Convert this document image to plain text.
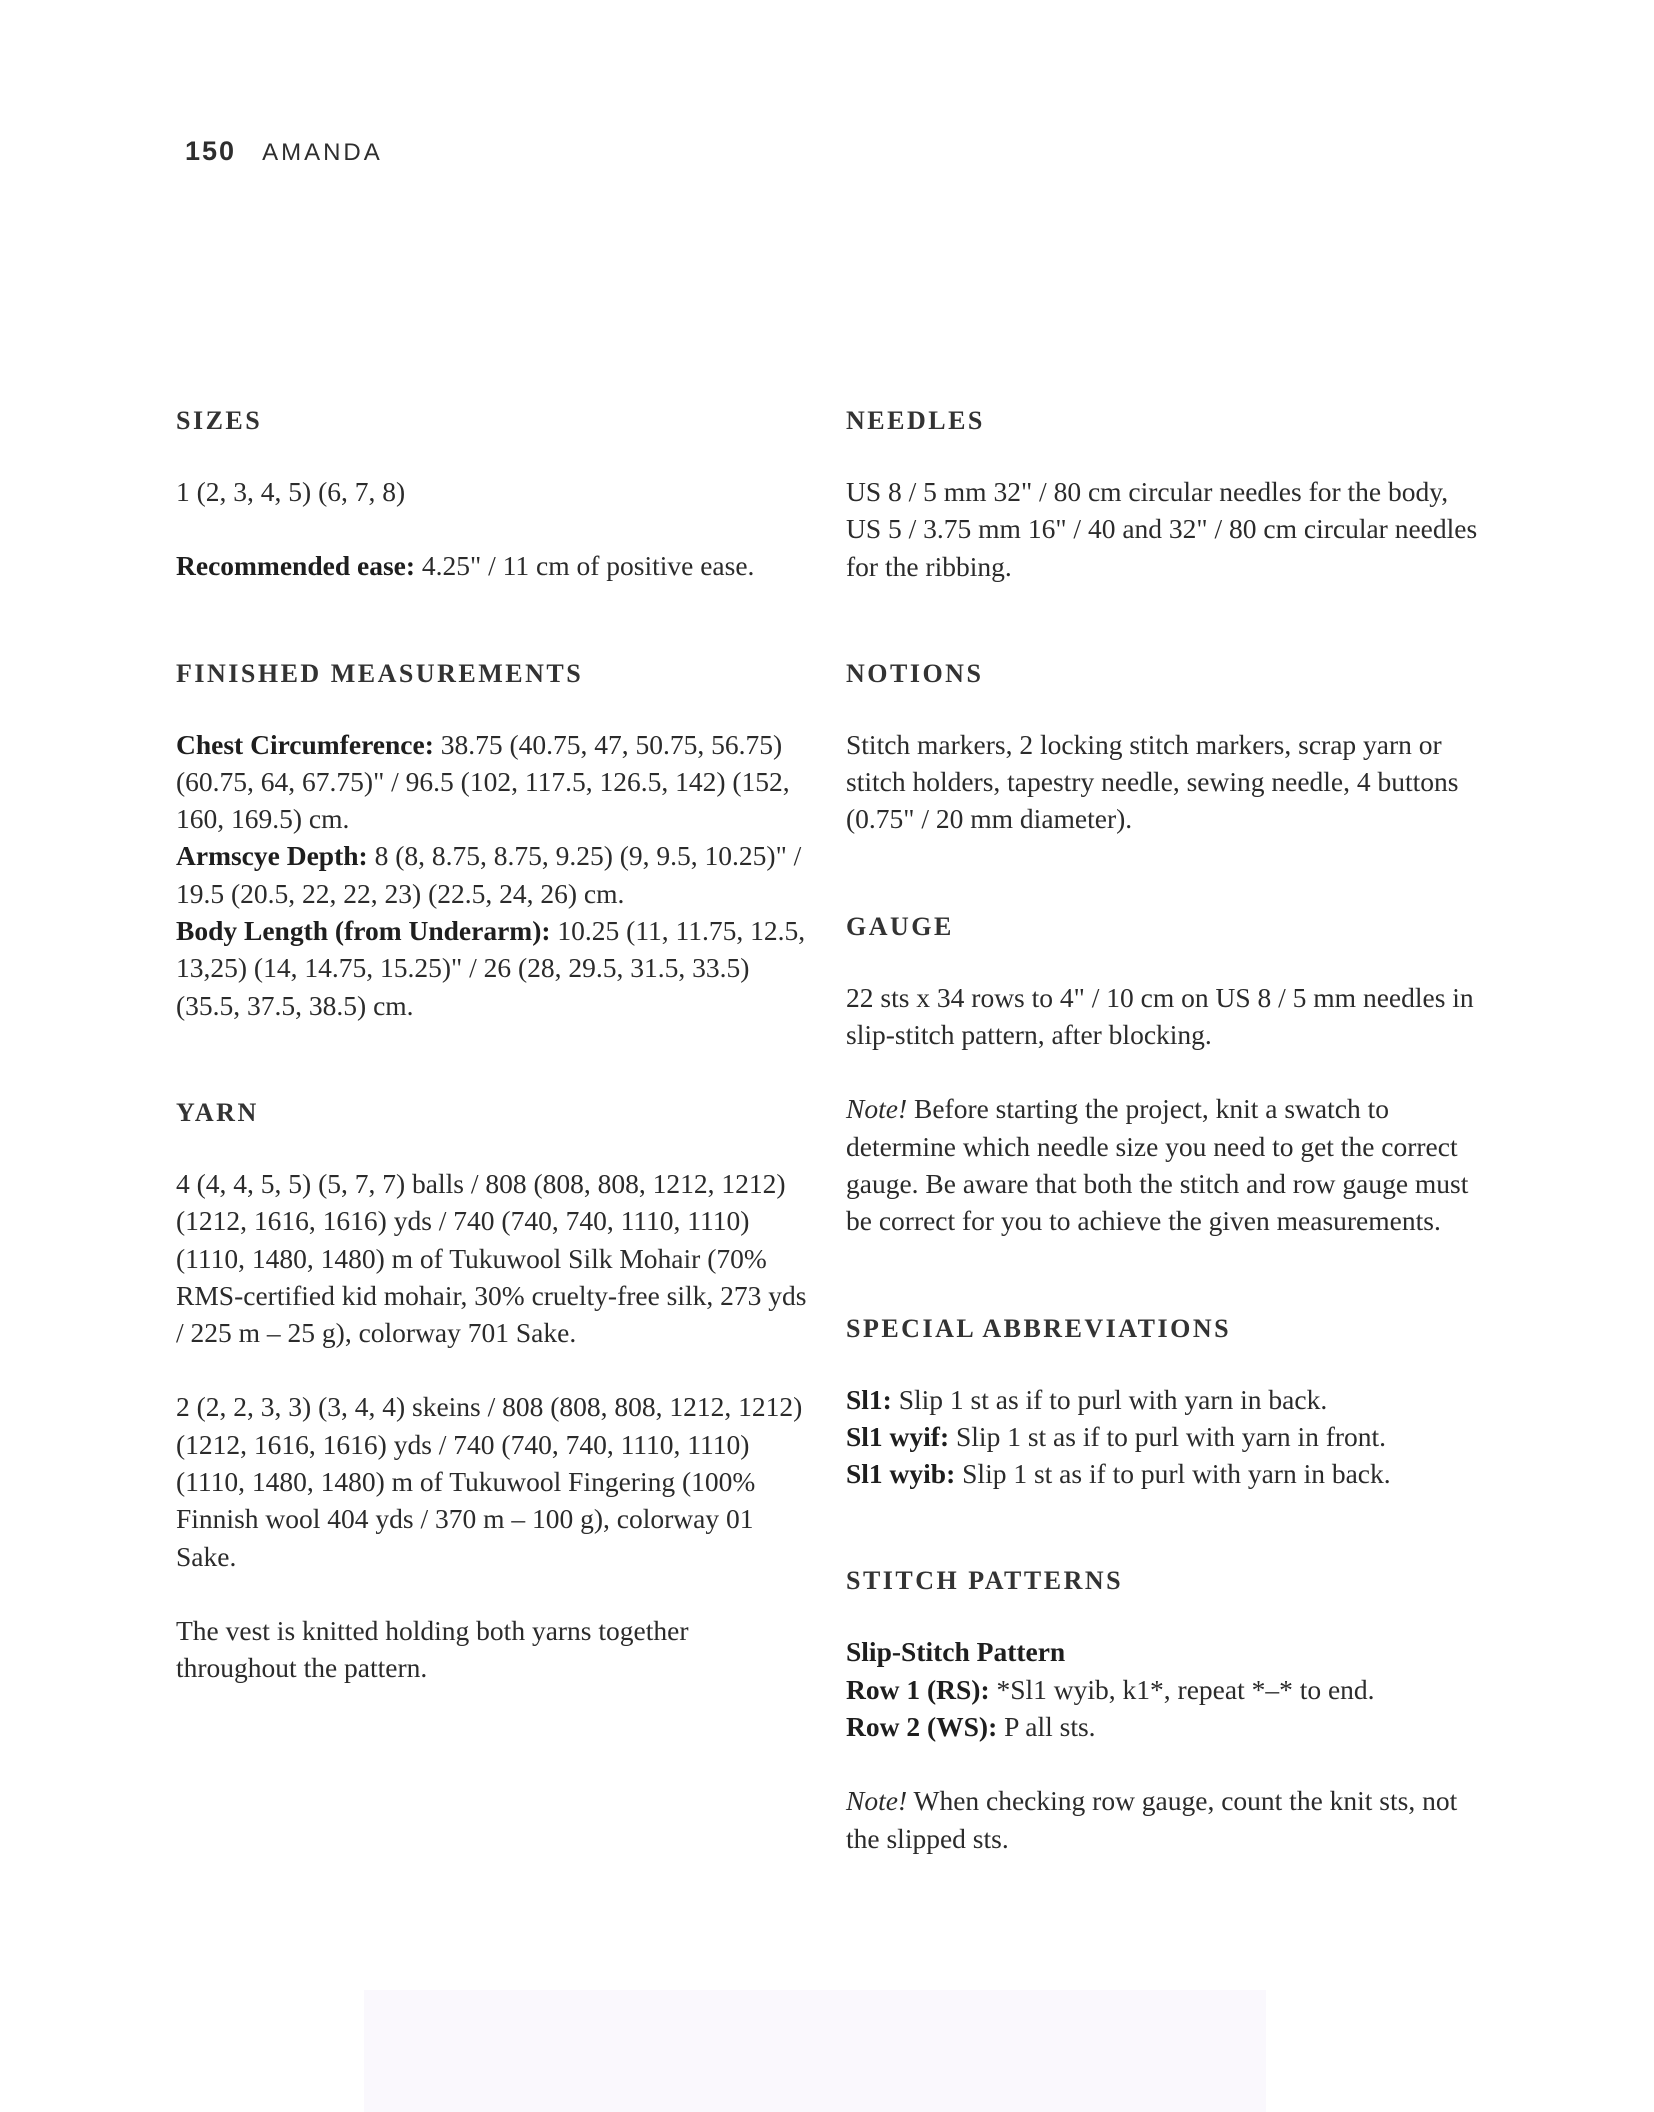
150 AMANDA
SIZES

1 (2, 3, 4, 5) (6, 7, 8)

Recommended ease: 4.25" / 11 cm of positive ease.

FINISHED MEASUREMENTS

Chest Circumference: 38.75 (40.75, 47, 50.75, 56.75) (60.75, 64, 67.75)" / 96.5 (102, 117.5, 126.5, 142) (152, 160, 169.5) cm.

Armscye Depth: 8 (8, 8.75, 8.75, 9.25) (9, 9.5, 10.25)" / 19.5 (20.5, 22, 22, 23) (22.5, 24, 26) cm.

Body Length (from Underarm): 10.25 (11, 11.75, 12.5, 13,25) (14, 14.75, 15.25)" / 26 (28, 29.5, 31.5, 33.5) (35.5, 37.5, 38.5) cm.

YARN

4 (4, 4, 5, 5) (5, 7, 7) balls / 808 (808, 808, 1212, 1212) (1212, 1616, 1616) yds / 740 (740, 740, 1110, 1110) (1110, 1480, 1480) m of Tukuwool Silk Mohair (70% RMS-certified kid mohair, 30% cruelty-free silk, 273 yds / 225 m – 25 g), colorway 701 Sake.

2 (2, 2, 3, 3) (3, 4, 4) skeins / 808 (808, 808, 1212, 1212) (1212, 1616, 1616) yds / 740 (740, 740, 1110, 1110) (1110, 1480, 1480) m of Tukuwool Fingering (100% Finnish wool 404 yds / 370 m – 100 g), colorway 01 Sake.

The vest is knitted holding both yarns together throughout the pattern.

NEEDLES

US 8 / 5 mm 32" / 80 cm circular needles for the body, US 5 / 3.75 mm 16" / 40 and 32" / 80 cm circular needles for the ribbing.

NOTIONS

Stitch markers, 2 locking stitch markers, scrap yarn or stitch holders, tapestry needle, sewing needle, 4 buttons (0.75" / 20 mm diameter).

GAUGE

22 sts x 34 rows to 4" / 10 cm on US 8 / 5 mm needles in slip-stitch pattern, after blocking.

Note! Before starting the project, knit a swatch to determine which needle size you need to get the correct gauge. Be aware that both the stitch and row gauge must be correct for you to achieve the given measurements.

SPECIAL ABBREVIATIONS

Sl1: Slip 1 st as if to purl with yarn in back.

Sl1 wyif: Slip 1 st as if to purl with yarn in front.

Sl1 wyib: Slip 1 st as if to purl with yarn in back.

STITCH PATTERNS

Slip-Stitch Pattern

Row 1 (RS): *Sl1 wyib, k1*, repeat *–* to end.

Row 2 (WS): P all sts.

Note! When checking row gauge, count the knit sts, not the slipped sts.
